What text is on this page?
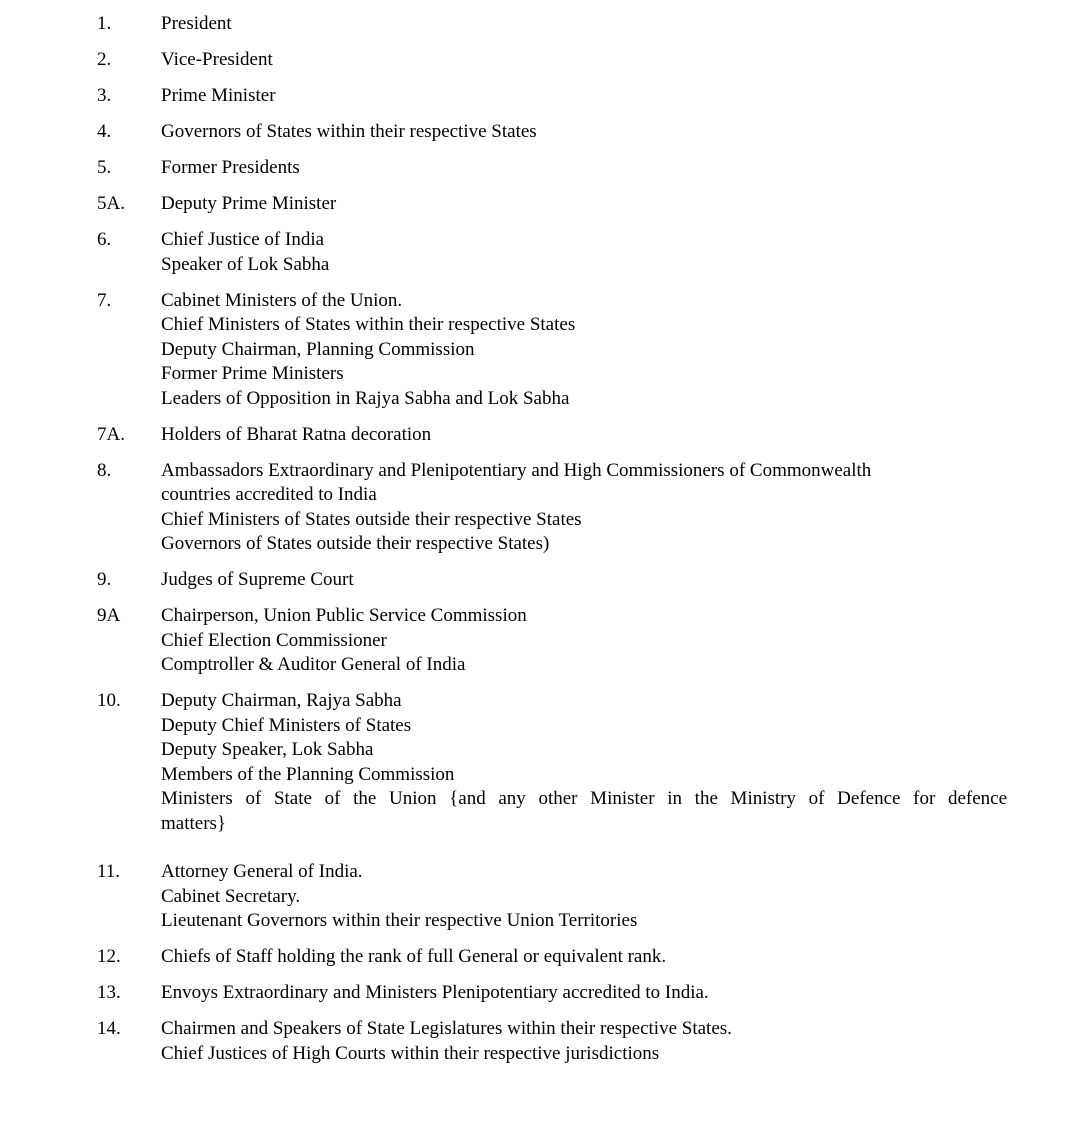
1.	President
2.	Vice-President
3.	Prime Minister
4.	Governors of States within their respective States
5.	Former Presidents
5A.	Deputy Prime Minister
6.	Chief Justice of India
Speaker of Lok Sabha
7.	Cabinet Ministers of the Union.
Chief Ministers of States within their respective States
Deputy Chairman, Planning Commission
Former Prime Ministers
Leaders of Opposition in Rajya Sabha and Lok Sabha
7A.	Holders of Bharat Ratna decoration
8.	Ambassadors Extraordinary and Plenipotentiary and High Commissioners of Commonwealth
countries accredited to India
Chief Ministers of States outside their respective States
Governors of States outside their respective States)
9.	Judges of Supreme Court
9A	Chairperson, Union Public Service Commission
Chief Election Commissioner
Comptroller & Auditor General of India
10.	Deputy Chairman, Rajya Sabha
Deputy Chief Ministers of States
Deputy Speaker, Lok Sabha
Members of the Planning Commission
Ministers of State of the Union {and any other Minister in the Ministry of Defence for defence
matters}
11.	Attorney General of India.
Cabinet Secretary.
Lieutenant Governors within their respective Union Territories
12.	Chiefs of Staff holding the rank of full General or equivalent rank.
13.	Envoys Extraordinary and Ministers Plenipotentiary accredited to India.
14.	Chairmen and Speakers of State Legislatures within their respective States.
Chief Justices of High Courts within their respective jurisdictions
